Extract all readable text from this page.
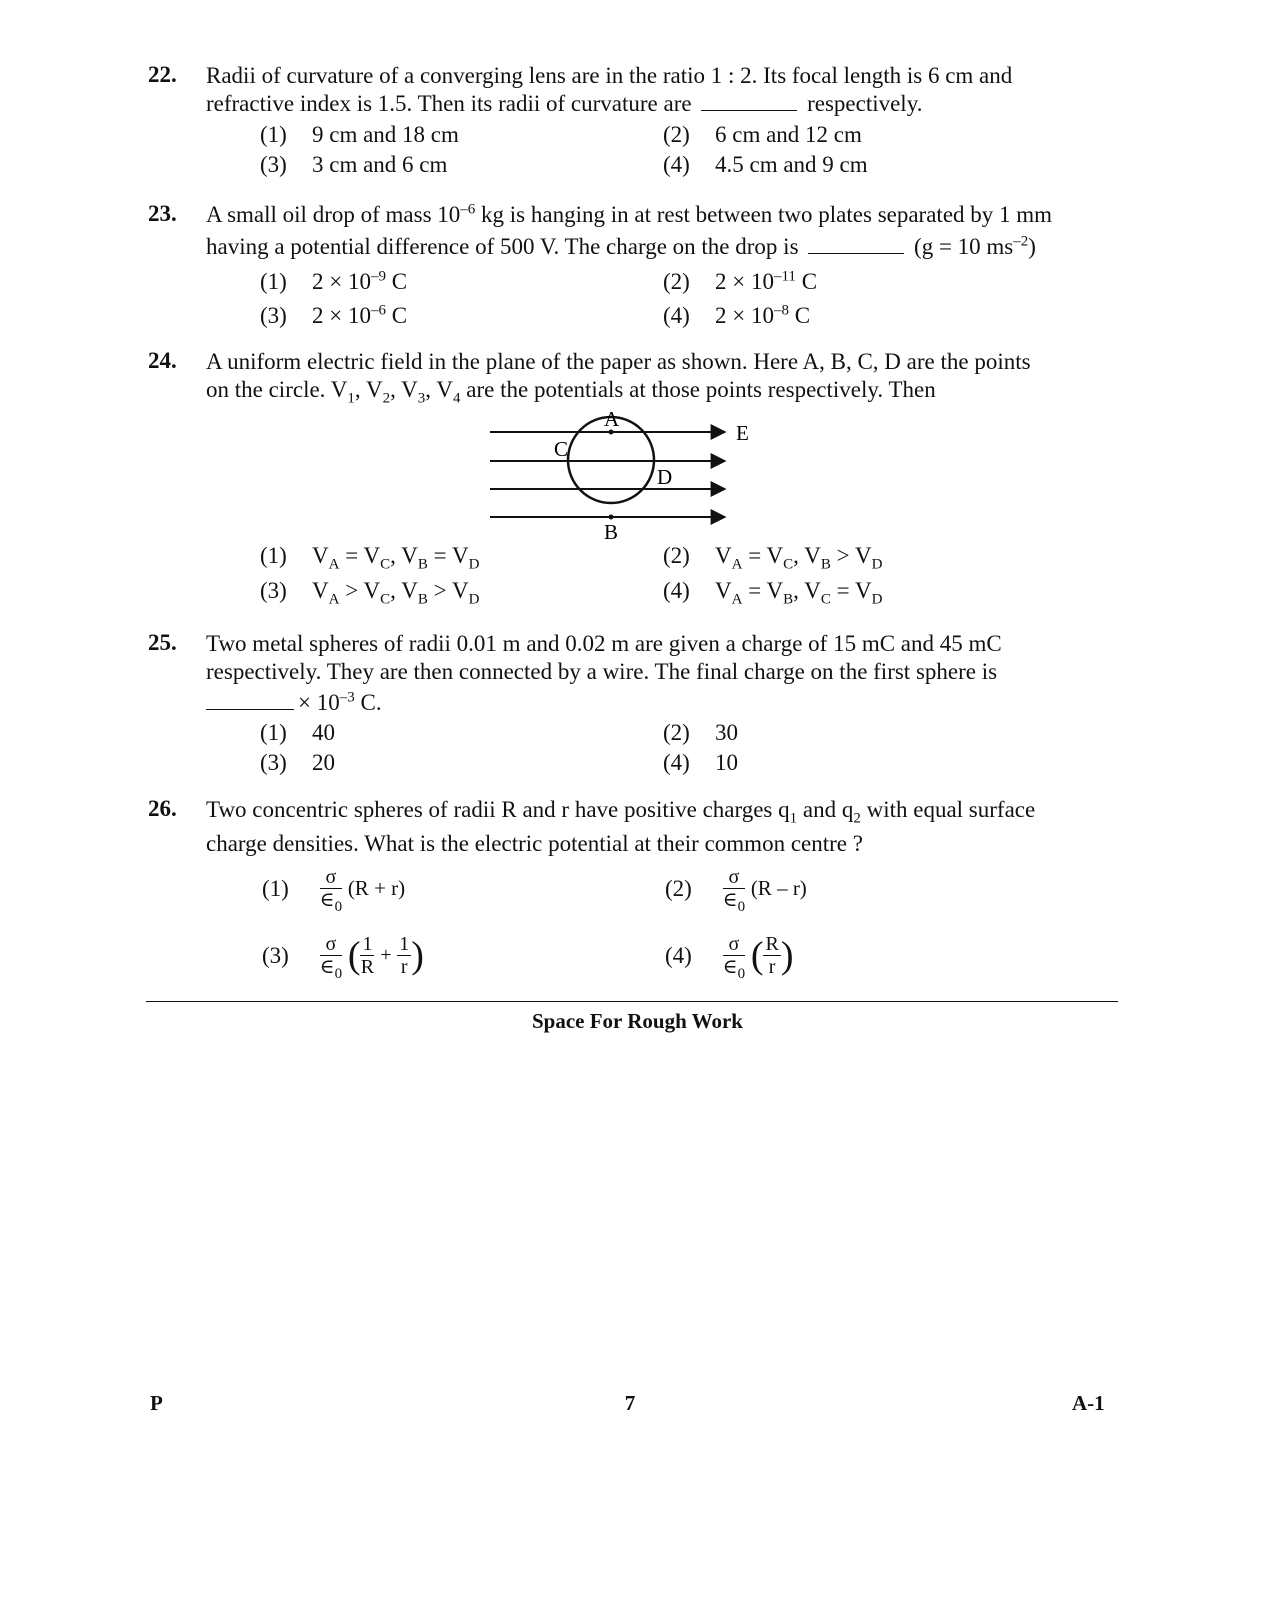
22. Radii of curvature of a converging lens are in the ratio 1 : 2. Its focal length is 6 cm and
refractive index is 1.5. Then its radii of curvature are	respectively.
(1) 9 cm and 18 cm	(2) 6 cm and 12 cm
(3) 3 cm and 6 cm	(4) 4.5 cm and 9 cm
23. A small oil drop of mass $10^{-6}$ kg is hanging in at rest between two plates separated by 1 mm
having a potential difference of 500 V. The charge on the drop is	(g = 10 $ms^{-2}$)
(1) $2 \times 10^{-9}$ C	(2) $2 \times 10^{-11}$ C
(3) $2 \times 10^{-6}$ C	(4) $2 \times 10^{-8}$ C
24. A uniform electric field in the plane of the paper as shown. Here A, B, C, D are the points
on the circle. $V_1$, $V_2$, $V_3$, $V_4$ are the potentials at those points respectively. Then
A
B
C
D
E
(1) $V_A = V_C$, $V_B = V_D$	(2) $V_A = V_C$, $V_B > V_D$
(3) $V_A > V_C$, $V_B > V_D$	(4) $V_A = V_B$, $V_C = V_D$
25. Two metal spheres of radii 0.01 m and 0.02 m are given a charge of 15 mC and 45 mC
respectively. They are then connected by a wire. The final charge on the first sphere is
× $10^{-3}$ C.
(1) 40	(2) 30
(3) 20	(4) 10
26. Two concentric spheres of radii R and r have positive charges $q_1$ and $q_2$ with equal surface
charge densities. What is the electric potential at their common centre ?
$(1) \frac{\sigma}{\in_0} (R + r)$	$(2) \frac{\sigma}{\in_0} (R - r)$
$(3) \frac{\sigma}{\in_0}$ ( $\frac{1}{R} + \frac{1}{r}$ )	$(4) \frac{\sigma}{\in_0}$ ( $\frac{R}{r}$ )
Space For Rough Work
P	7	A-1
